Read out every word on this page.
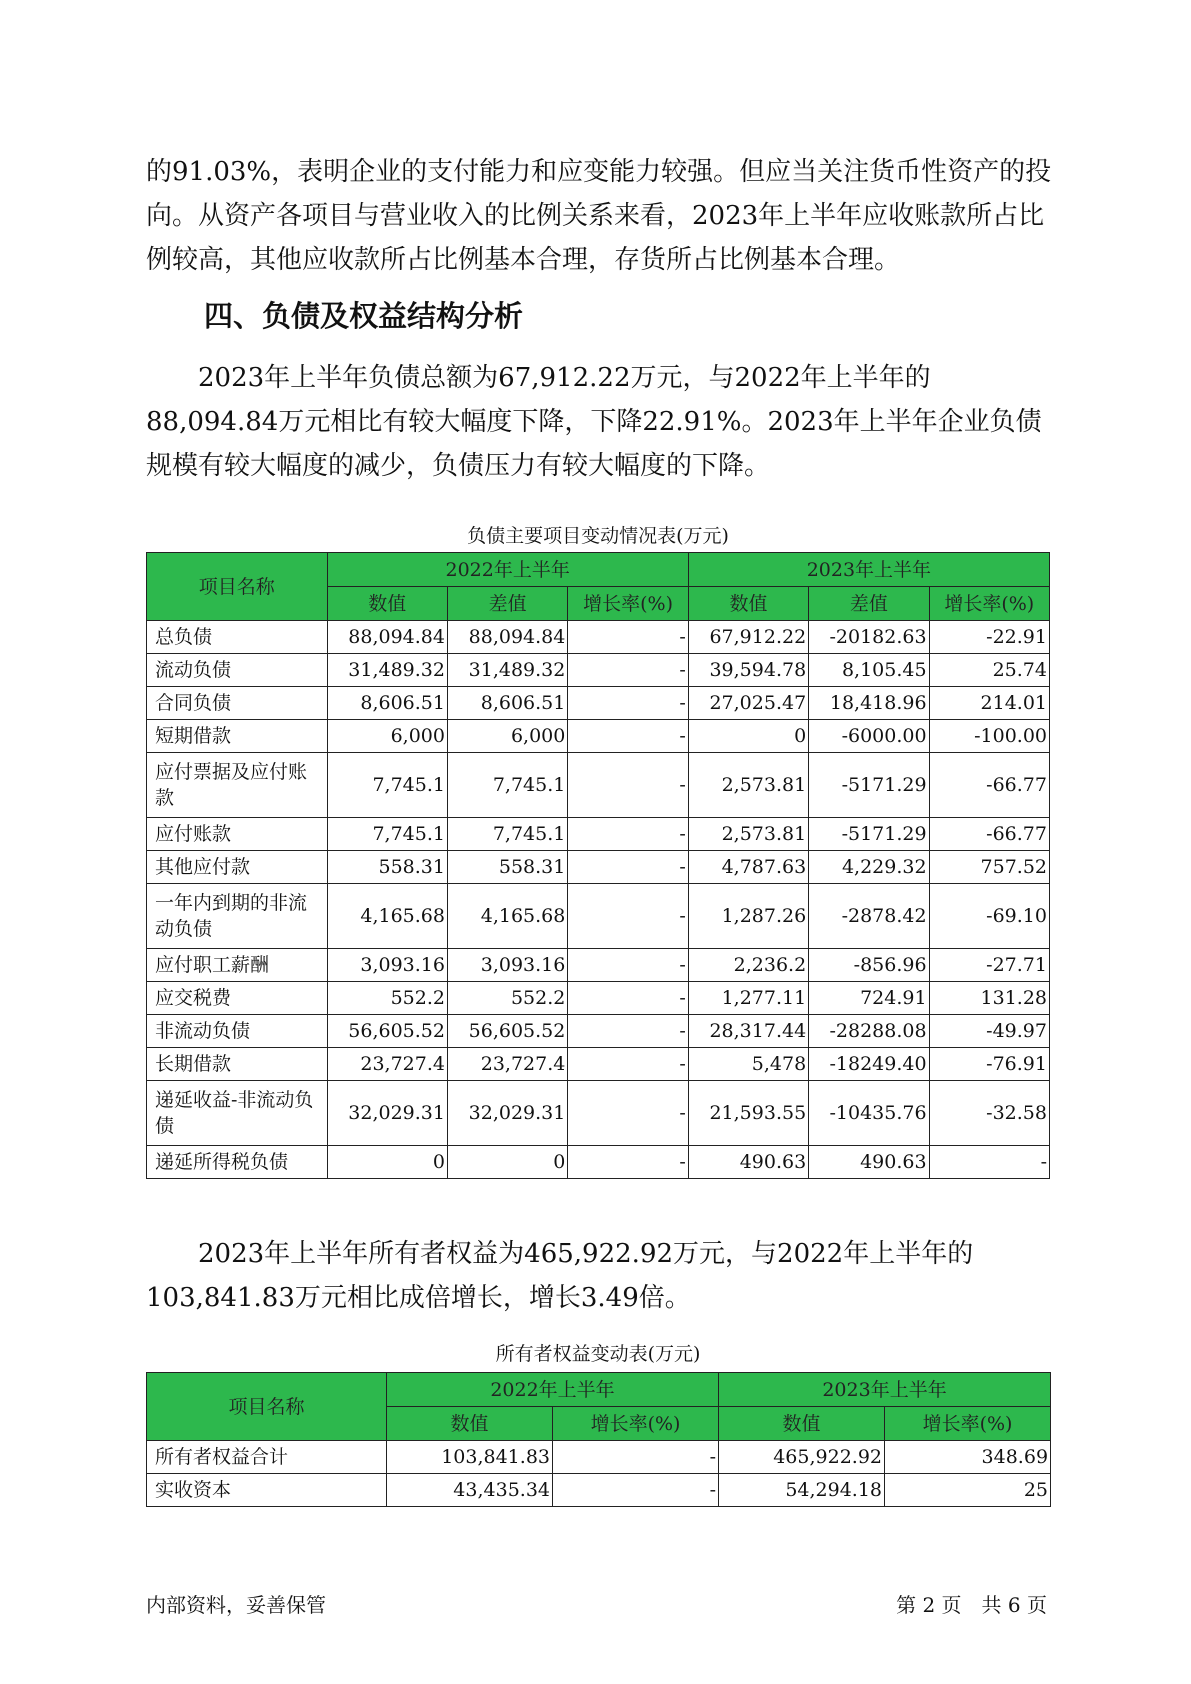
的91.03%，表明企业的支付能力和应变能力较强。但应当关注货币性资产的投向。从资产各项目与营业收入的比例关系来看，2023年上半年应收账款所占比例较高，其他应收款所占比例基本合理，存货所占比例基本合理。

四、负债及权益结构分析

2023年上半年负债总额为67,912.22万元，与2022年上半年的88,094.84万元相比有较大幅度下降，下降22.91%。2023年上半年企业负债规模有较大幅度的减少，负债压力有较大幅度的下降。

负债主要项目变动情况表(万元)
项目名称	2022年上半年			2023年上半年		
	数值	差值	增长率(%)	数值	差值	增长率(%)
总负债	88,094.84	88,094.84	-	67,912.22	-20182.63	-22.91
流动负债	31,489.32	31,489.32	-	39,594.78	8,105.45	25.74
合同负债	8,606.51	8,606.51	-	27,025.47	18,418.96	214.01
短期借款	6,000	6,000	-	0	-6000.00	-100.00
应付票据及应付账款	7,745.1	7,745.1	-	2,573.81	-5171.29	-66.77
应付账款	7,745.1	7,745.1	-	2,573.81	-5171.29	-66.77
其他应付款	558.31	558.31	-	4,787.63	4,229.32	757.52
一年内到期的非流动负债	4,165.68	4,165.68	-	1,287.26	-2878.42	-69.10
应付职工薪酬	3,093.16	3,093.16	-	2,236.2	-856.96	-27.71
应交税费	552.2	552.2	-	1,277.11	724.91	131.28
非流动负债	56,605.52	56,605.52	-	28,317.44	-28288.08	-49.97
长期借款	23,727.4	23,727.4	-	5,478	-18249.40	-76.91
递延收益-非流动负债	32,029.31	32,029.31	-	21,593.55	-10435.76	-32.58
递延所得税负债	0	0	-	490.63	490.63	-

2023年上半年所有者权益为465,922.92万元，与2022年上半年的103,841.83万元相比成倍增长，增长3.49倍。

所有者权益变动表(万元)
项目名称	2022年上半年		2023年上半年	
	数值	增长率(%)	数值	增长率(%)
所有者权益合计	103,841.83	-	465,922.92	348.69
实收资本	43,435.34	-	54,294.18	25
内部资料，妥善保管	第 2 页　共 6 页
